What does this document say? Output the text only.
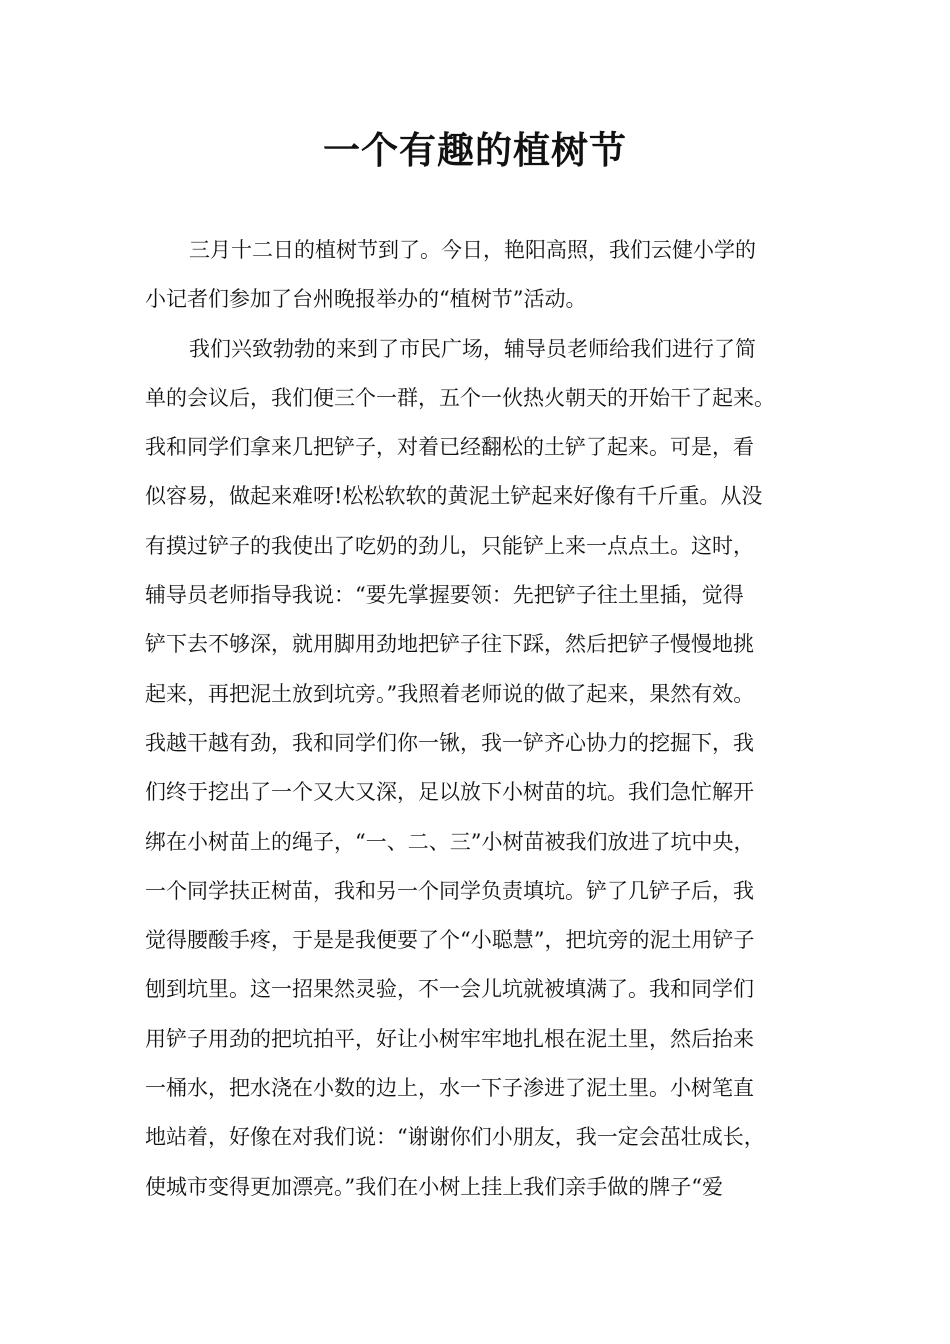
一个有趣的植树节
三月十二日的植树节到了。今日，艳阳高照，我们云健小学的
小记者们参加了台州晚报举办的“植树节”活动。
我们兴致勃勃的来到了市民广场，辅导员老师给我们进行了简
单的会议后，我们便三个一群，五个一伙热火朝天的开始干了起来。
我和同学们拿来几把铲子，对着已经翻松的土铲了起来。可是，看
似容易，做起来难呀!松松软软的黄泥土铲起来好像有千斤重。从没
有摸过铲子的我使出了吃奶的劲儿，只能铲上来一点点土。这时，
辅导员老师指导我说：“要先掌握要领：先把铲子往土里插，觉得
铲下去不够深，就用脚用劲地把铲子往下踩，然后把铲子慢慢地挑
起来，再把泥土放到坑旁。”我照着老师说的做了起来，果然有效。
我越干越有劲，我和同学们你一锹，我一铲齐心协力的挖掘下，我
们终于挖出了一个又大又深，足以放下小树苗的坑。我们急忙解开
绑在小树苗上的绳子，“一、二、三”小树苗被我们放进了坑中央，
一个同学扶正树苗，我和另一个同学负责填坑。铲了几铲子后，我
觉得腰酸手疼，于是是我便要了个“小聪慧”，把坑旁的泥土用铲子
刨到坑里。这一招果然灵验，不一会儿坑就被填满了。我和同学们
用铲子用劲的把坑拍平，好让小树牢牢地扎根在泥土里，然后抬来
一桶水，把水浇在小数的边上，水一下子渗进了泥土里。小树笔直
地站着，好像在对我们说：“谢谢你们小朋友，我一定会茁壮成长，
使城市变得更加漂亮。”我们在小树上挂上我们亲手做的牌子“爱
